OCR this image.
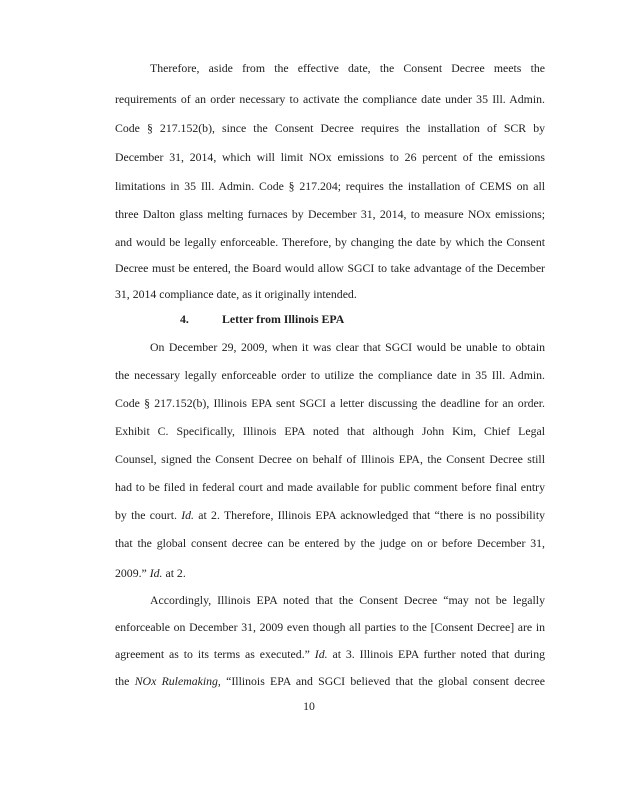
Therefore, aside from the effective date, the Consent Decree meets the
requirements of an order necessary to activate the compliance date under 35 Ill. Admin.
Code § 217.152(b), since the Consent Decree requires the installation of SCR by
December 31, 2014, which will limit NOx emissions to 26 percent of the emissions
limitations in 35 Ill. Admin. Code § 217.204; requires the installation of CEMS on all
three Dalton glass melting furnaces by December 31, 2014, to measure NOx emissions;
and would be legally enforceable. Therefore, by changing the date by which the Consent
Decree must be entered, the Board would allow SGCI to take advantage of the December
31, 2014 compliance date, as it originally intended.
4.	Letter from Illinois EPA
On December 29, 2009, when it was clear that SGCI would be unable to obtain
the necessary legally enforceable order to utilize the compliance date in 35 Ill. Admin.
Code § 217.152(b), Illinois EPA sent SGCI a letter discussing the deadline for an order.
Exhibit C. Specifically, Illinois EPA noted that although John Kim, Chief Legal
Counsel, signed the Consent Decree on behalf of Illinois EPA, the Consent Decree still
had to be filed in federal court and made available for public comment before final entry
by the court. Id. at 2. Therefore, Illinois EPA acknowledged that “there is no possibility
that the global consent decree can be entered by the judge on or before December 31,
2009.” Id. at 2.
Accordingly, Illinois EPA noted that the Consent Decree “may not be legally
enforceable on December 31, 2009 even though all parties to the [Consent Decree] are in
agreement as to its terms as executed.” Id. at 3. Illinois EPA further noted that during
the NOx Rulemaking, “Illinois EPA and SGCI believed that the global consent decree
10
